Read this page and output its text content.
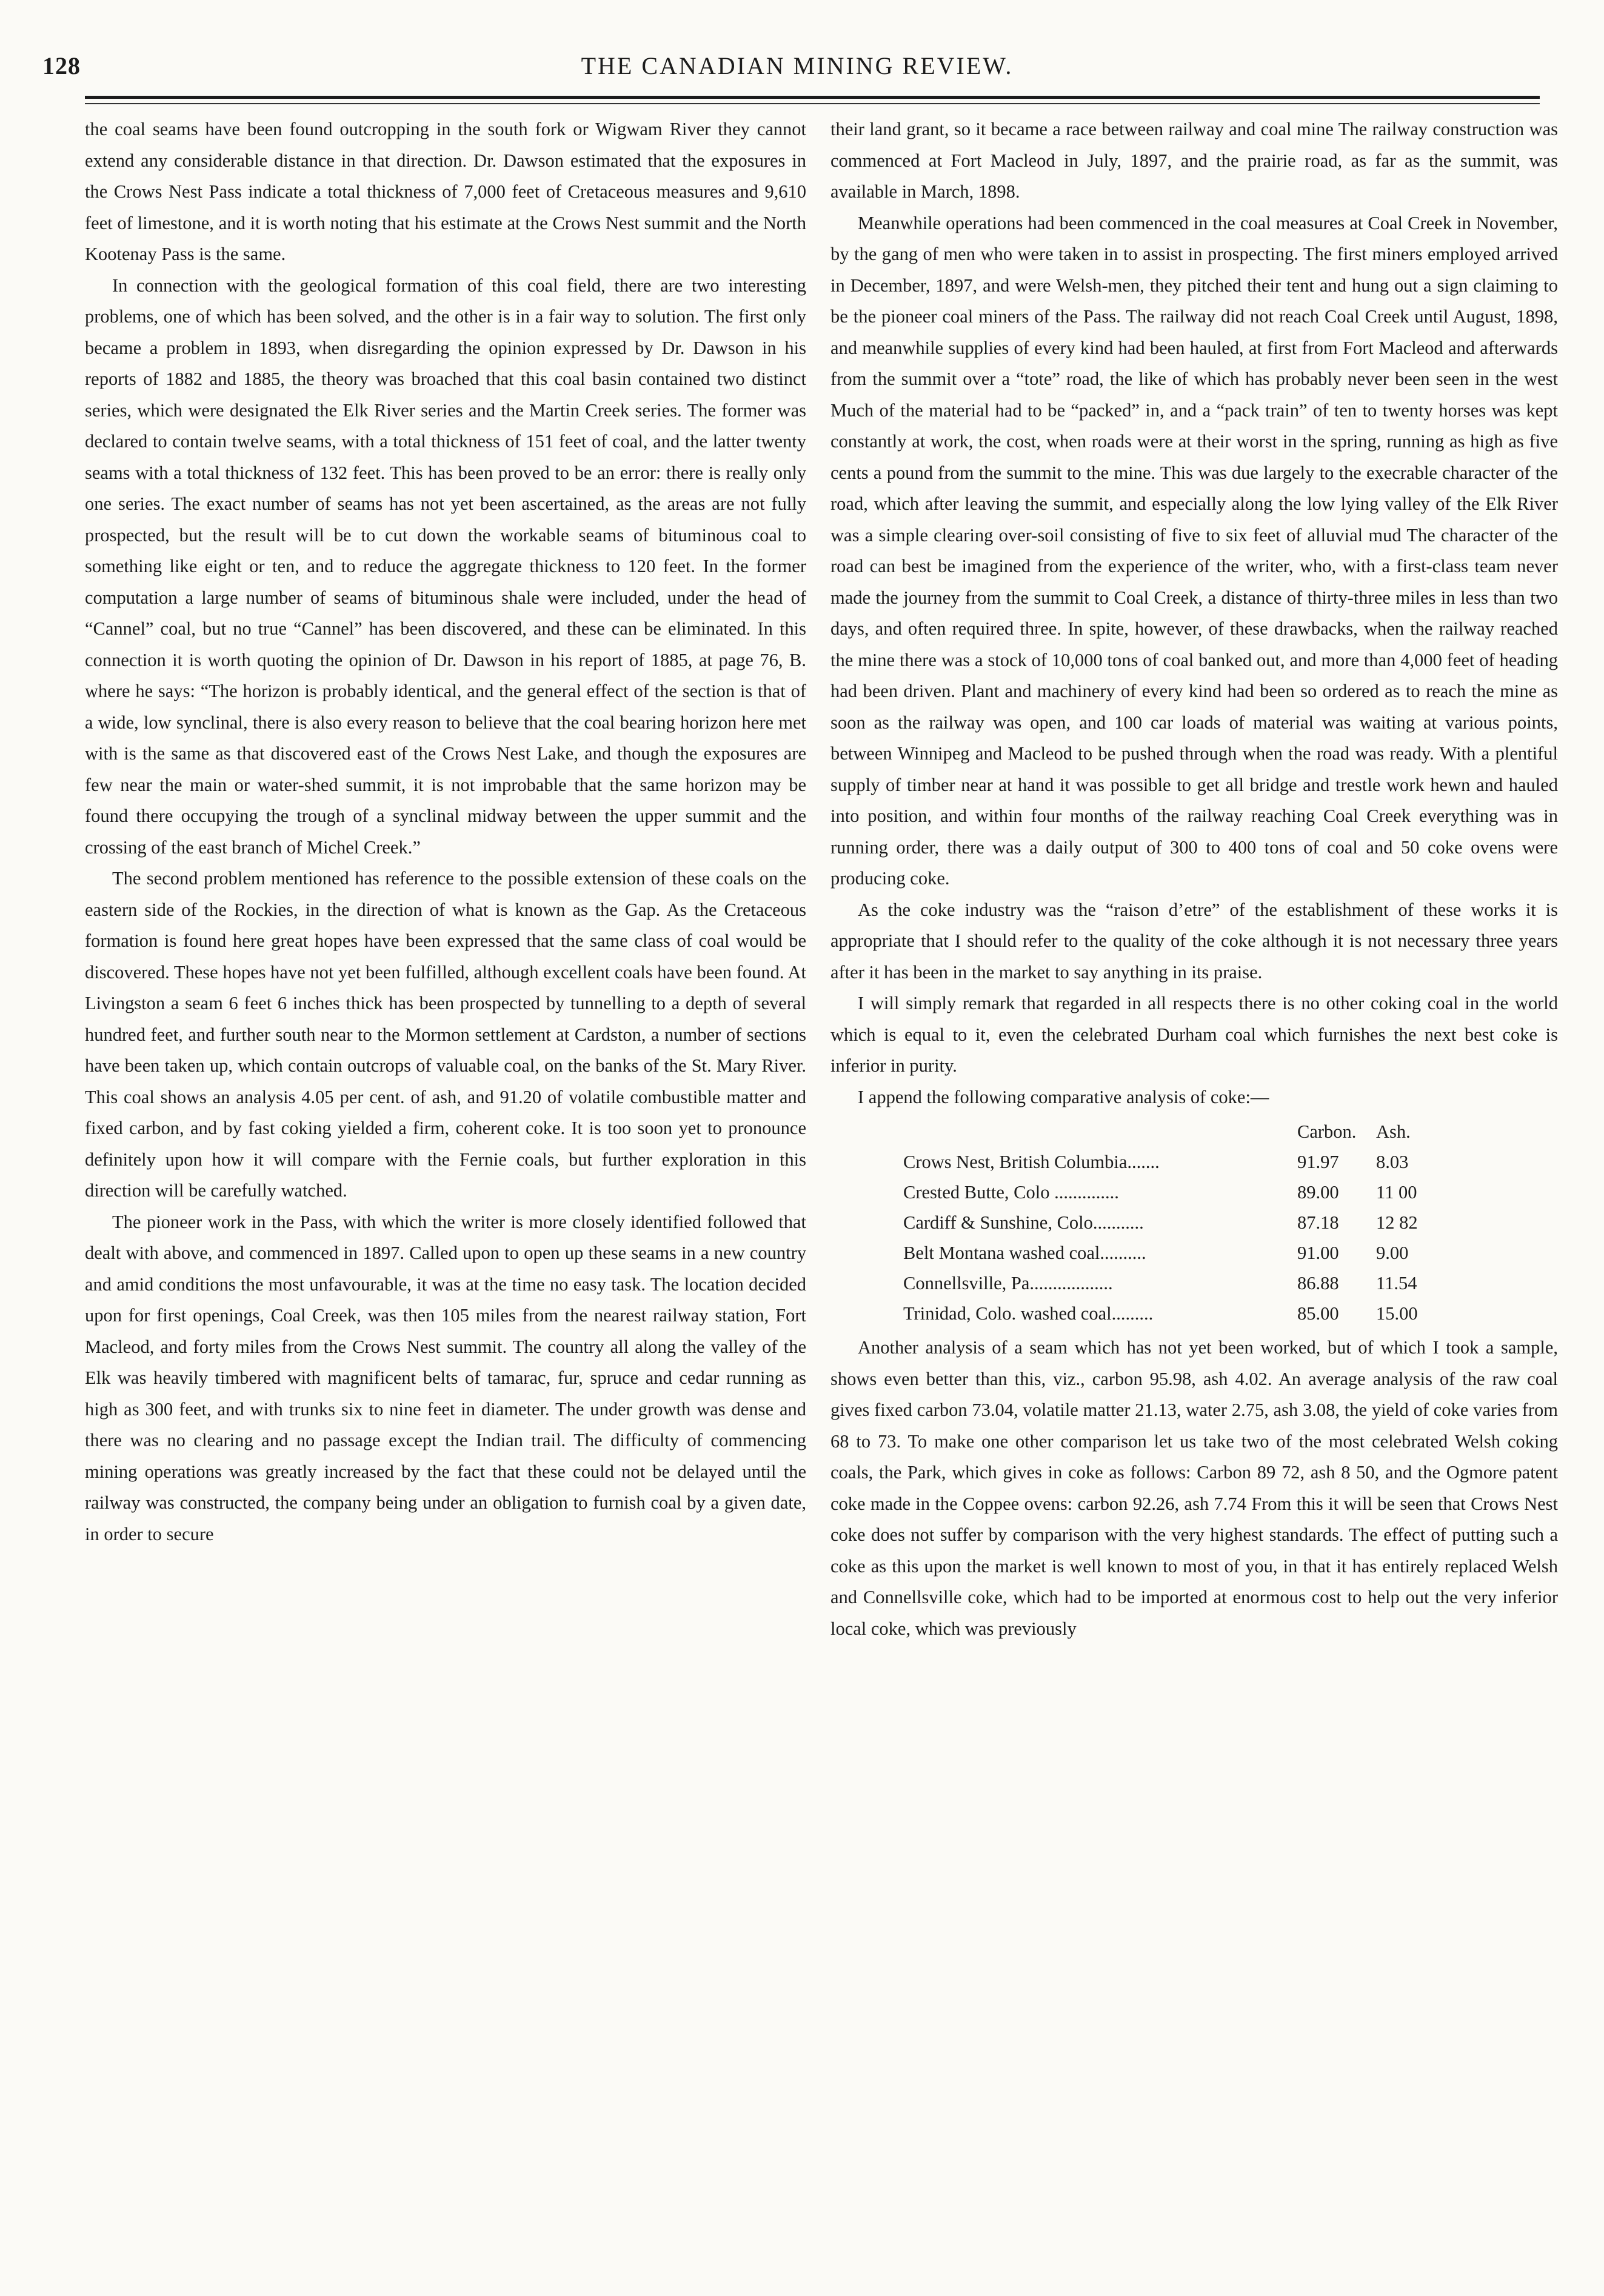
128	THE CANADIAN MINING REVIEW.

the coal seams have been found outcropping in the south fork or Wigwam River they cannot extend any considerable distance in that direction. Dr. Dawson estimated that the exposures in the Crows Nest Pass indicate a total thickness of 7,000 feet of Cretaceous measures and 9,610 feet of limestone, and it is worth noting that his estimate at the Crows Nest summit and the North Kootenay Pass is the same.

In connection with the geological formation of this coal field, there are two interesting problems, one of which has been solved, and the other is in a fair way to solution. The first only became a problem in 1893, when disregarding the opinion expressed by Dr. Dawson in his reports of 1882 and 1885, the theory was broached that this coal basin contained two distinct series, which were designated the Elk River series and the Martin Creek series. The former was declared to contain twelve seams, with a total thickness of 151 feet of coal, and the latter twenty seams with a total thickness of 132 feet. This has been proved to be an error: there is really only one series. The exact number of seams has not yet been ascertained, as the areas are not fully prospected, but the result will be to cut down the workable seams of bituminous coal to something like eight or ten, and to reduce the aggregate thickness to 120 feet. In the former computation a large number of seams of bituminous shale were included, under the head of “Cannel” coal, but no true “Cannel” has been discovered, and these can be eliminated. In this connection it is worth quoting the opinion of Dr. Dawson in his report of 1885, at page 76, B. where he says: “The horizon is probably identical, and the general effect of the section is that of a wide, low synclinal, there is also every reason to believe that the coal bearing horizon here met with is the same as that discovered east of the Crows Nest Lake, and though the exposures are few near the main or water-shed summit, it is not improbable that the same horizon may be found there occupying the trough of a synclinal midway between the upper summit and the crossing of the east branch of Michel Creek.”

The second problem mentioned has reference to the possible extension of these coals on the eastern side of the Rockies, in the direction of what is known as the Gap. As the Cretaceous formation is found here great hopes have been expressed that the same class of coal would be discovered. These hopes have not yet been fulfilled, although excellent coals have been found. At Livingston a seam 6 feet 6 inches thick has been prospected by tunnelling to a depth of several hundred feet, and further south near to the Mormon settlement at Cardston, a number of sections have been taken up, which contain outcrops of valuable coal, on the banks of the St. Mary River. This coal shows an analysis 4.05 per cent. of ash, and 91.20 of volatile combustible matter and fixed carbon, and by fast coking yielded a firm, coherent coke. It is too soon yet to pronounce definitely upon how it will compare with the Fernie coals, but further exploration in this direction will be carefully watched.

The pioneer work in the Pass, with which the writer is more closely identified followed that dealt with above, and commenced in 1897. Called upon to open up these seams in a new country and amid conditions the most unfavourable, it was at the time no easy task. The location decided upon for first openings, Coal Creek, was then 105 miles from the nearest railway station, Fort Macleod, and forty miles from the Crows Nest summit. The country all along the valley of the Elk was heavily timbered with magnificent belts of tamarac, fur, spruce and cedar running as high as 300 feet, and with trunks six to nine feet in diameter. The under growth was dense and there was no clearing and no passage except the Indian trail. The difficulty of commencing mining operations was greatly increased by the fact that these could not be delayed until the railway was constructed, the company being under an obligation to furnish coal by a given date, in order to secure

their land grant, so it became a race between railway and coal mine The railway construction was commenced at Fort Macleod in July, 1897, and the prairie road, as far as the summit, was available in March, 1898.

Meanwhile operations had been commenced in the coal measures at Coal Creek in November, by the gang of men who were taken in to assist in prospecting. The first miners employed arrived in December, 1897, and were Welsh-men, they pitched their tent and hung out a sign claiming to be the pioneer coal miners of the Pass. The railway did not reach Coal Creek until August, 1898, and meanwhile supplies of every kind had been hauled, at first from Fort Macleod and afterwards from the summit over a “tote” road, the like of which has probably never been seen in the west Much of the material had to be “packed” in, and a “pack train” of ten to twenty horses was kept constantly at work, the cost, when roads were at their worst in the spring, running as high as five cents a pound from the summit to the mine. This was due largely to the execrable character of the road, which after leaving the summit, and especially along the low lying valley of the Elk River was a simple clearing over-soil consisting of five to six feet of alluvial mud The character of the road can best be imagined from the experience of the writer, who, with a first-class team never made the journey from the summit to Coal Creek, a distance of thirty-three miles in less than two days, and often required three. In spite, however, of these drawbacks, when the railway reached the mine there was a stock of 10,000 tons of coal banked out, and more than 4,000 feet of heading had been driven. Plant and machinery of every kind had been so ordered as to reach the mine as soon as the railway was open, and 100 car loads of material was waiting at various points, between Winnipeg and Macleod to be pushed through when the road was ready. With a plentiful supply of timber near at hand it was possible to get all bridge and trestle work hewn and hauled into position, and within four months of the railway reaching Coal Creek everything was in running order, there was a daily output of 300 to 400 tons of coal and 50 coke ovens were producing coke.

As the coke industry was the “raison d’etre” of the establishment of these works it is appropriate that I should refer to the quality of the coke although it is not necessary three years after it has been in the market to say anything in its praise.

I will simply remark that regarded in all respects there is no other coking coal in the world which is equal to it, even the celebrated Durham coal which furnishes the next best coke is inferior in purity.

I append the following comparative analysis of coke:—

	Carbon.	Ash.
Crows Nest, British Columbia.......	91.97	8.03
Crested Butte, Colo ..............	89.00	11 00
Cardiff & Sunshine, Colo...........	87.18	12 82
Belt Montana washed coal..........	91.00	9.00
Connellsville, Pa..................	86.88	11.54
Trinidad, Colo. washed coal.........	85.00	15.00

Another analysis of a seam which has not yet been worked, but of which I took a sample, shows even better than this, viz., carbon 95.98, ash 4.02. An average analysis of the raw coal gives fixed carbon 73.04, volatile matter 21.13, water 2.75, ash 3.08, the yield of coke varies from 68 to 73. To make one other comparison let us take two of the most celebrated Welsh coking coals, the Park, which gives in coke as follows: Carbon 89 72, ash 8 50, and the Ogmore patent coke made in the Coppee ovens: carbon 92.26, ash 7.74 From this it will be seen that Crows Nest coke does not suffer by comparison with the very highest standards. The effect of putting such a coke as this upon the market is well known to most of you, in that it has entirely replaced Welsh and Connellsville coke, which had to be imported at enormous cost to help out the very inferior local coke, which was previously
